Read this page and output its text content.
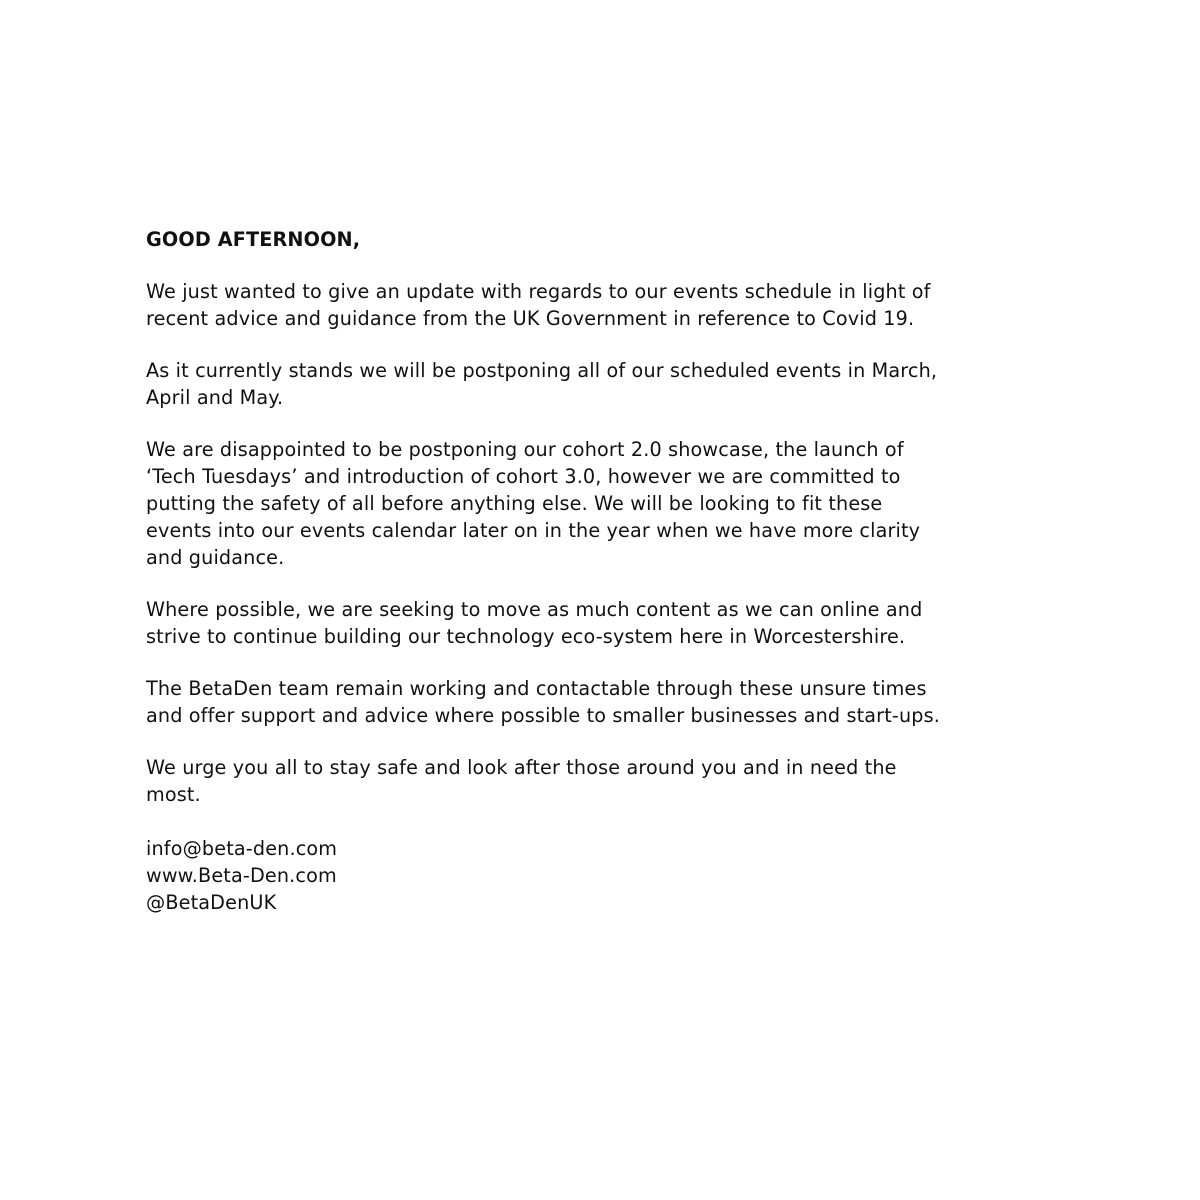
GOOD AFTERNOON,

We just wanted to give an update with regards to our events schedule in light of
recent advice and guidance from the UK Government in reference to Covid 19.

As it currently stands we will be postponing all of our scheduled events in March,
April and May.

We are disappointed to be postponing our cohort 2.0 showcase, the launch of
‘Tech Tuesdays’ and introduction of cohort 3.0, however we are committed to
putting the safety of all before anything else. We will be looking to fit these
events into our events calendar later on in the year when we have more clarity
and guidance.

Where possible, we are seeking to move as much content as we can online and
strive to continue building our technology eco-system here in Worcestershire.

The BetaDen team remain working and contactable through these unsure times
and offer support and advice where possible to smaller businesses and start-ups.

We urge you all to stay safe and look after those around you and in need the
most.

info@beta-den.com
www.Beta-Den.com
@BetaDenUK
